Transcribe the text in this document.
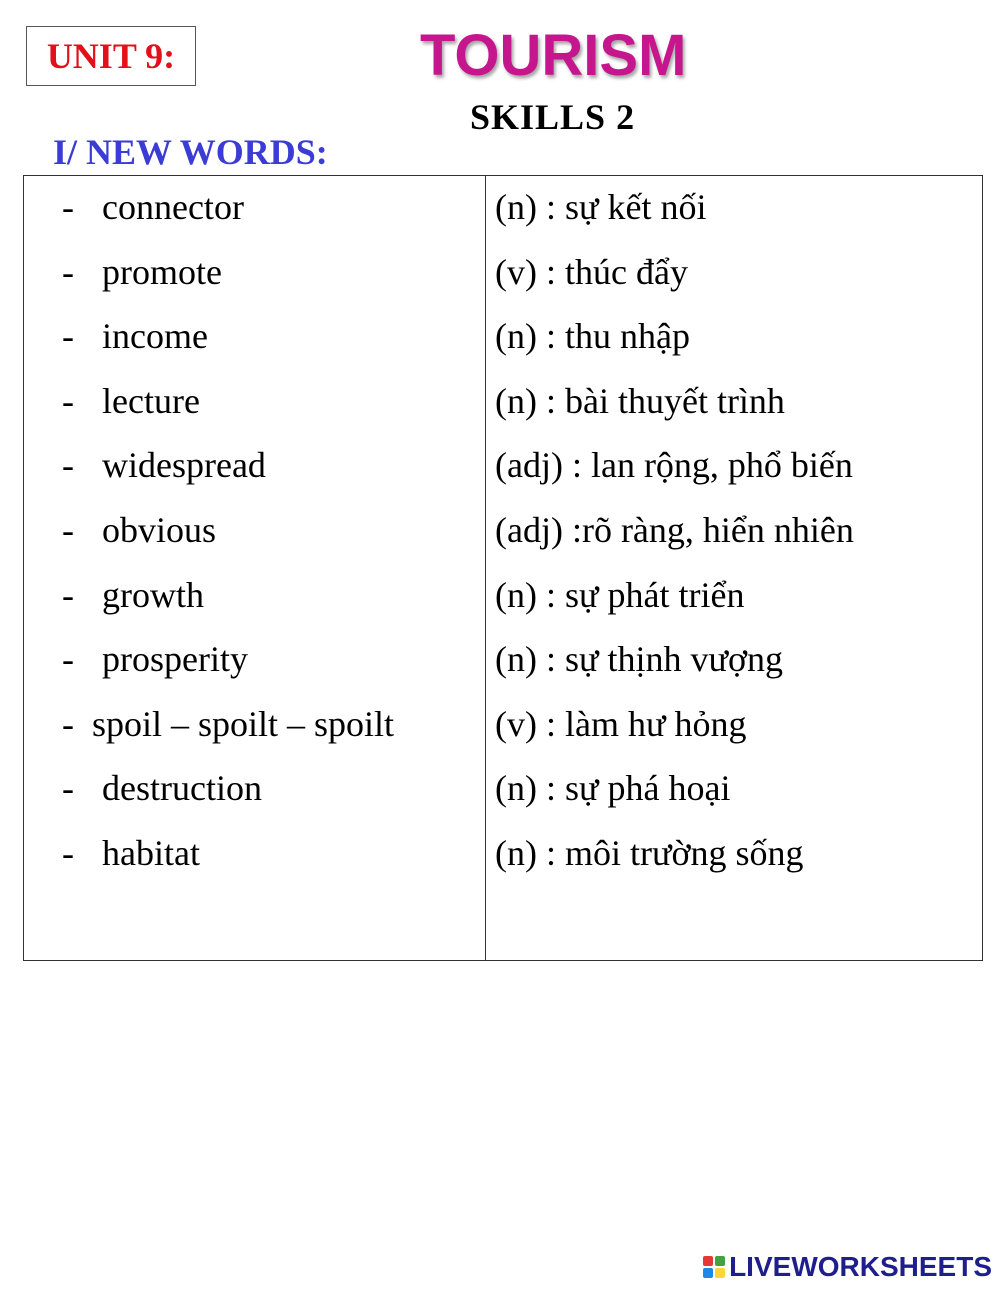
UNIT 9:	TOURISM
SKILLS 2
I/ NEW WORDS:
- connector
- promote
- income
- lecture
- widespread
- obvious
- growth
- prosperity
- spoil – spoilt – spoilt
- destruction
- habitat
(n) : sự kết nối
(v) : thúc đẩy
(n) : thu nhập
(n) : bài thuyết trình
(adj) : lan rộng, phổ biến
(adj) :rõ ràng, hiển nhiên
(n) : sự phát triển
(n) : sự thịnh vượng
(v) : làm hư hỏng
(n) : sự phá hoại
(n) : môi trường sống
LIVEWORKSHEETS
